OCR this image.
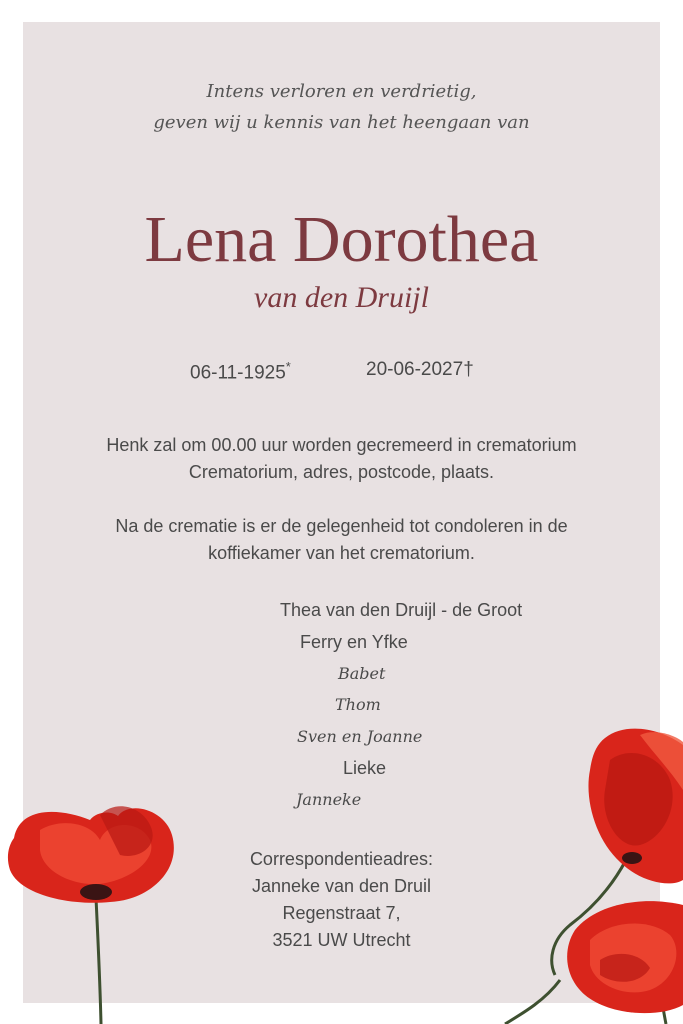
Intens verloren en verdrietig,
geven wij u kennis van het heengaan van
Lena Dorothea
van den Druijl
06-11-1925*	20-06-2027†
Henk zal om 00.00 uur worden gecremeerd in crematorium
Crematorium, adres, postcode, plaats.
Na de crematie is er de gelegenheid tot condoleren in de
koffiekamer van het crematorium.
Thea van den Druijl - de Groot
Ferry en Yfke
Babet
Thom
Sven en Joanne
Lieke
Janneke
Correspondentieadres:
Janneke van den Druil
Regenstraat 7,
3521 UW Utrecht
